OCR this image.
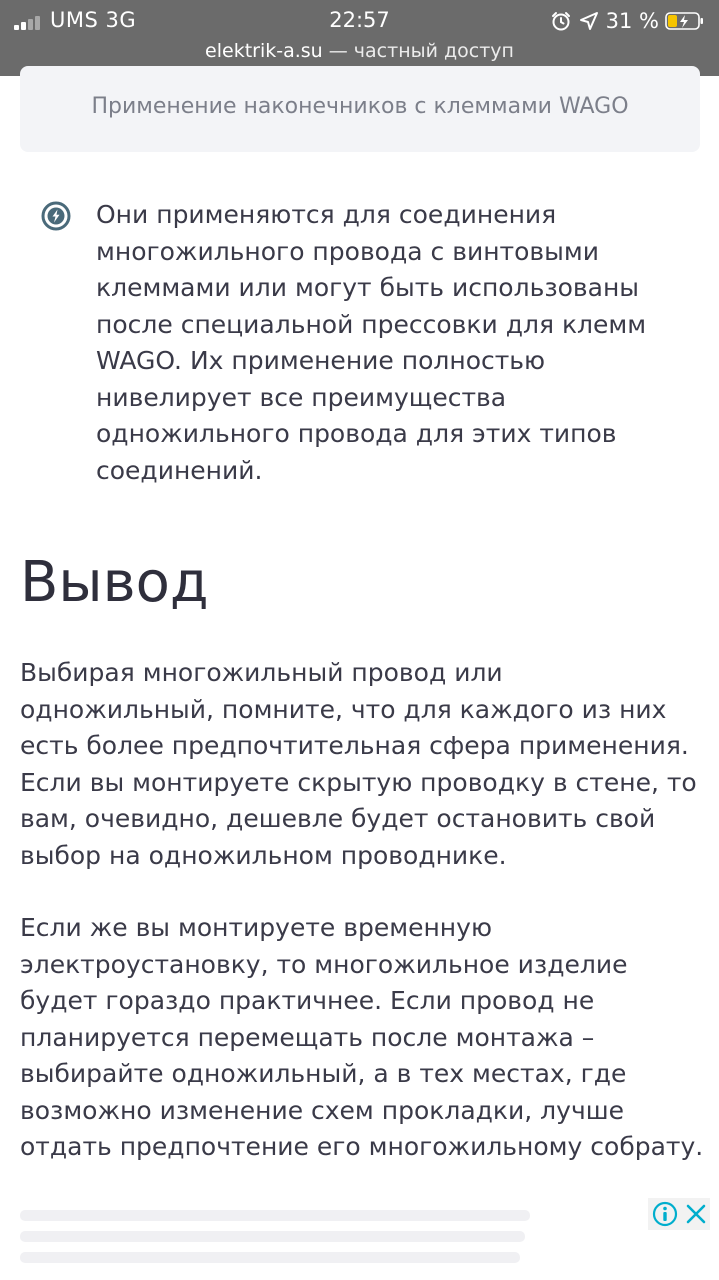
UMS 3G	22:57	31 %
elektrik-a.su — частный доступ
Применение наконечников с клеммами WAGO

Они применяются для соединения многожильного провода с винтовыми клеммами или могут быть использованы после специальной прессовки для клемм WAGO. Их применение полностью нивелирует все преимущества одножильного провода для этих типов соединений.

Вывод

Выбирая многожильный провод или одножильный, помните, что для каждого из них есть более предпочтительная сфера применения. Если вы монтируете скрытую проводку в стене, то вам, очевидно, дешевле будет остановить свой выбор на одножильном проводнике.

Если же вы монтируете временную электроустановку, то многожильное изделие будет гораздо практичнее. Если провод не планируется перемещать после монтажа – выбирайте одножильный, а в тех местах, где возможно изменение схем прокладки, лучше отдать предпочтение его многожильному собрату.
